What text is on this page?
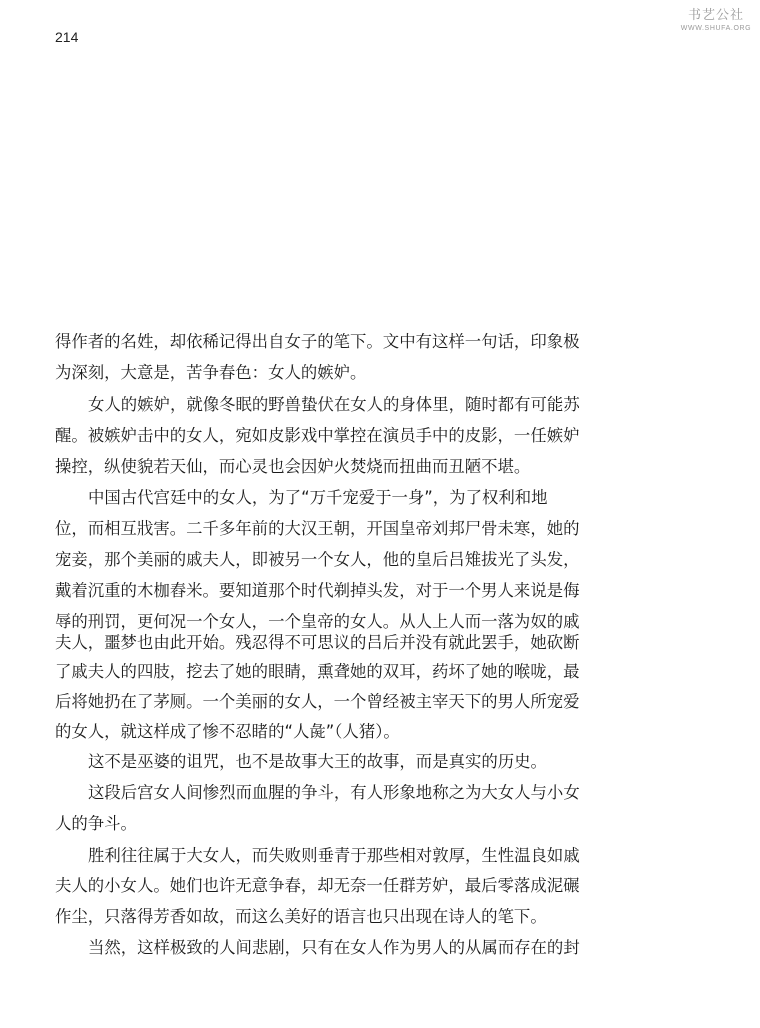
214
书艺公社
WWW.SHUFA.ORG
得作者的名姓，却依稀记得出自女子的笔下。文中有这样一句话，印象极
为深刻，大意是，苦争春色：女人的嫉妒。
女人的嫉妒，就像冬眠的野兽蛰伏在女人的身体里，随时都有可能苏
醒。被嫉妒击中的女人，宛如皮影戏中掌控在演员手中的皮影，一任嫉妒
操控，纵使貌若天仙，而心灵也会因妒火焚烧而扭曲而丑陋不堪。
中国古代宫廷中的女人，为了“万千宠爱于一身”，为了权利和地
位，而相互戕害。二千多年前的大汉王朝，开国皇帝刘邦尸骨未寒，她的
宠妾，那个美丽的戚夫人，即被另一个女人，他的皇后吕雉拔光了头发，
戴着沉重的木枷舂米。要知道那个时代剃掉头发，对于一个男人来说是侮
辱的刑罚，更何况一个女人，一个皇帝的女人。从人上人而一落为奴的戚
夫人，噩梦也由此开始。残忍得不可思议的吕后并没有就此罢手，她砍断
了戚夫人的四肢，挖去了她的眼睛，熏聋她的双耳，药坏了她的喉咙，最
后将她扔在了茅厕。一个美丽的女人，一个曾经被主宰天下的男人所宠爱
的女人，就这样成了惨不忍睹的“人彘”（人猪）。
这不是巫婆的诅咒，也不是故事大王的故事，而是真实的历史。
这段后宫女人间惨烈而血腥的争斗，有人形象地称之为大女人与小女
人的争斗。
胜利往往属于大女人，而失败则垂青于那些相对敦厚，生性温良如戚
夫人的小女人。她们也许无意争春，却无奈一任群芳妒，最后零落成泥碾
作尘，只落得芳香如故，而这么美好的语言也只出现在诗人的笔下。
当然，这样极致的人间悲剧，只有在女人作为男人的从属而存在的封
